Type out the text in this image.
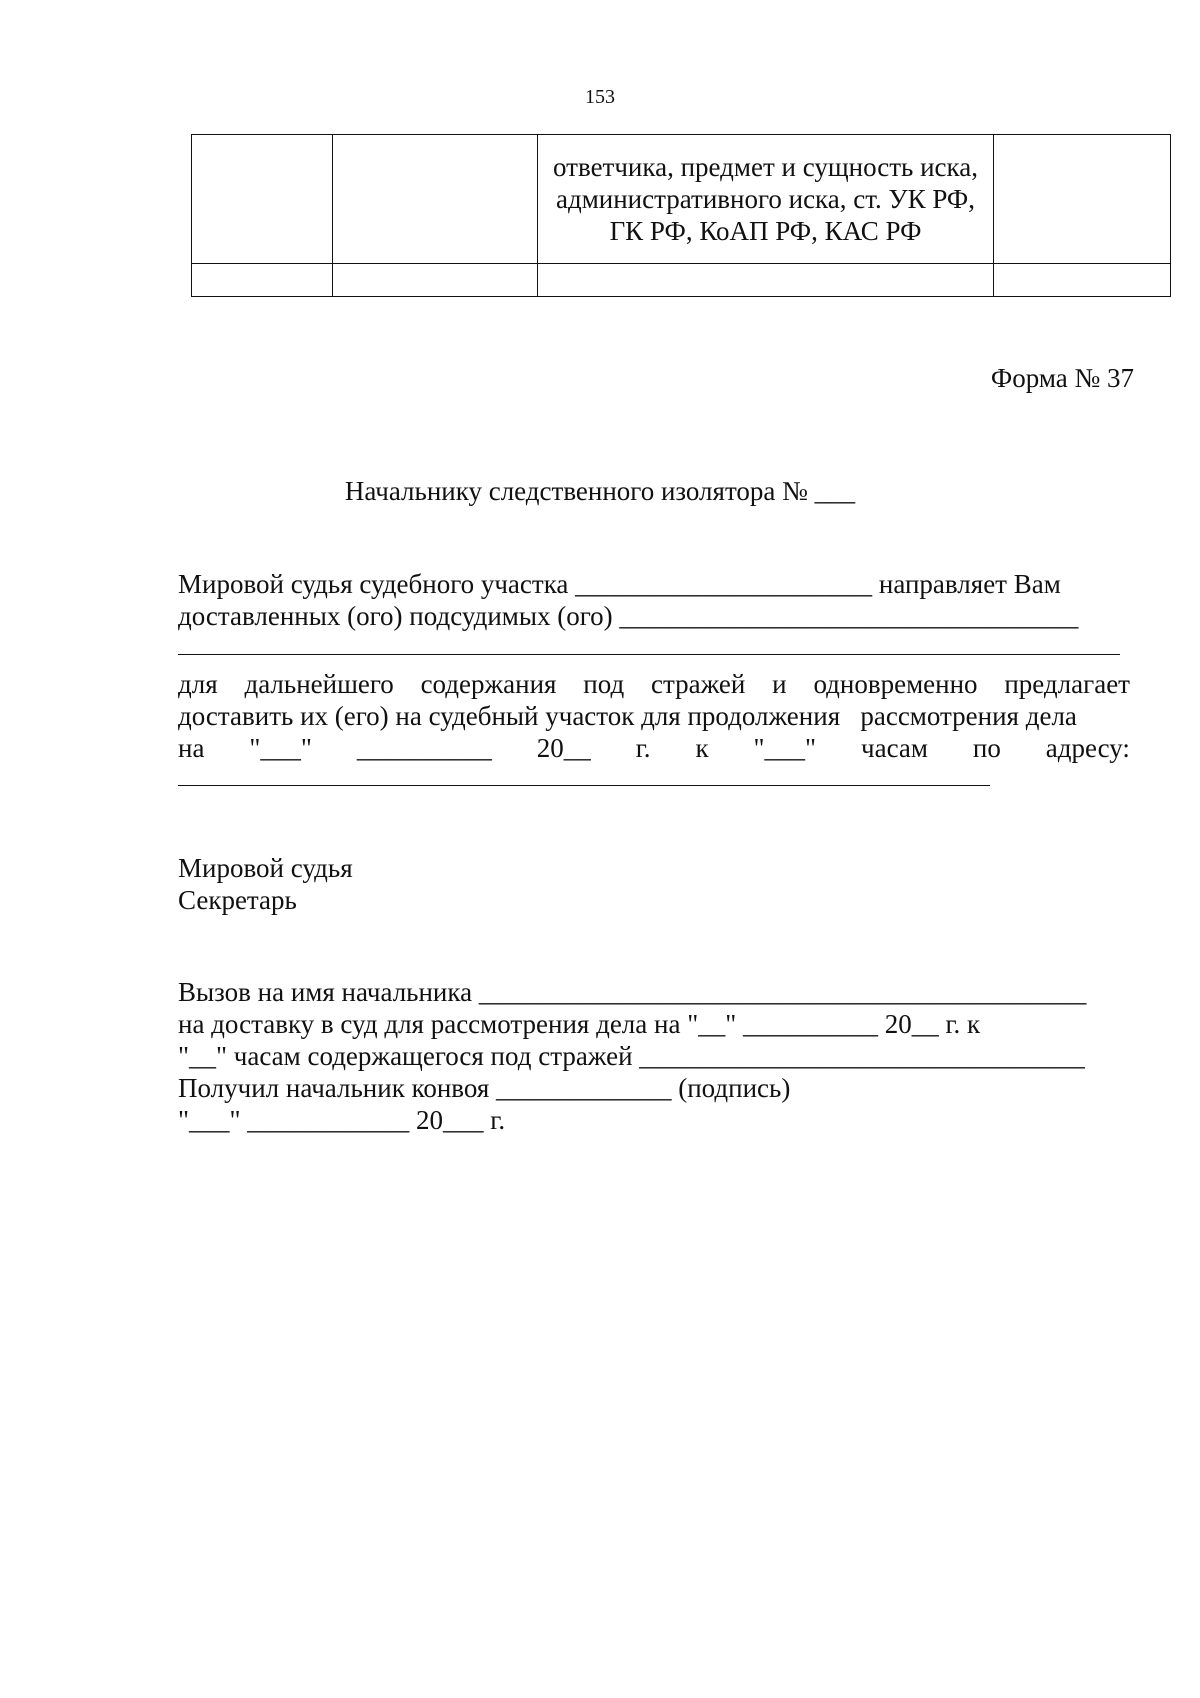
153
		ответчика, предмет и сущность иска, административного иска, ст. УК РФ, ГК РФ, КоАП РФ, КАС РФ	

Форма № 37
Начальнику следственного изолятора № ___
Мировой судья судебного участка ______________________ направляет Вам
доставленных (ого) подсудимых (ого) __________________________________
для дальнейшего содержания под стражей и одновременно предлагает
доставить их (его) на судебный участок для продолжения   рассмотрения дела
на "___" __________ 20__ г. к "___" часам по адресу:
Мировой судья
Секретарь
Вызов на имя начальника _____________________________________________
на доставку в суд для рассмотрения дела на "__" __________ 20__ г. к
"__" часам содержащегося под стражей _________________________________
Получил начальник конвоя _____________ (подпись)
"___" ____________ 20___ г.
